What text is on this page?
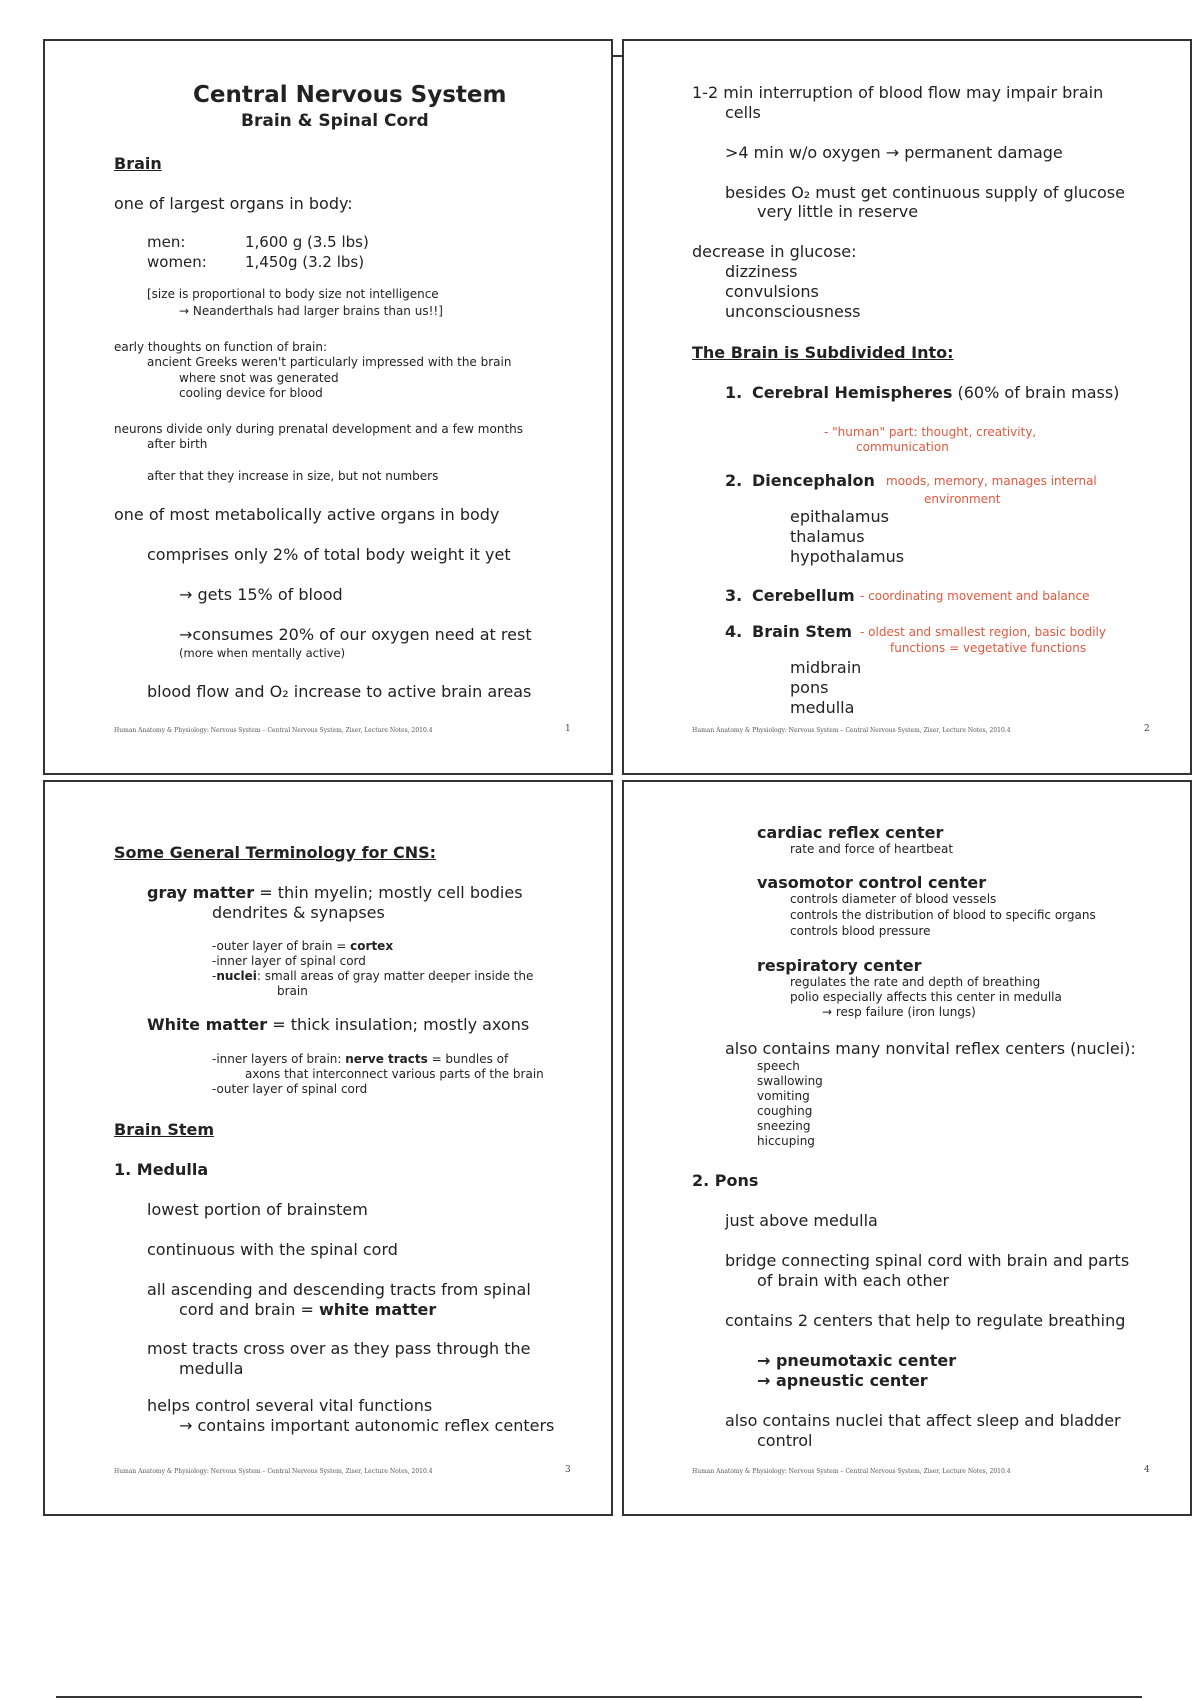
Central Nervous System
Brain & Spinal Cord
Brain
one of largest organs in body:
men:	1,600 g (3.5 lbs)
women:	1,450g (3.2 lbs)
[size is proportional to body size not intelligence
→ Neanderthals had larger brains than us!!]
early thoughts on function of brain:
ancient Greeks weren't particularly impressed with the brain
where snot was generated
cooling device for blood
neurons divide only during prenatal development and a few months
after birth
after that they increase in size, but not numbers
one of most metabolically active organs in body
comprises only 2% of total body weight it yet
→ gets 15% of blood
→consumes 20% of our oxygen need at rest
(more when mentally active)
blood flow and O₂ increase to active brain areas
Human Anatomy & Physiology: Nervous System – Central Nervous System, Ziser, Lecture Notes, 2010.4	1
1-2 min interruption of blood flow may impair brain
cells
>4 min w/o oxygen → permanent damage
besides O₂ must get continuous supply of glucose
very little in reserve
decrease in glucose:
dizziness
convulsions
unconsciousness
The Brain is Subdivided Into:
1. Cerebral Hemispheres (60% of brain mass)
- "human" part: thought, creativity,
communication
2. Diencephalon moods, memory, manages internal
environment
epithalamus
thalamus
hypothalamus
3. Cerebellum - coordinating movement and balance
4. Brain Stem - oldest and smallest region, basic bodily
functions = vegetative functions
midbrain
pons
medulla
Human Anatomy & Physiology: Nervous System – Central Nervous System, Ziser, Lecture Notes, 2010.4	2
Some General Terminology for CNS:
gray matter = thin myelin; mostly cell bodies
dendrites & synapses
-outer layer of brain = cortex
-inner layer of spinal cord
-nuclei: small areas of gray matter deeper inside the
brain
White matter = thick insulation; mostly axons
-inner layers of brain: nerve tracts = bundles of
axons that interconnect various parts of the brain
-outer layer of spinal cord
Brain Stem
1. Medulla
lowest portion of brainstem
continuous with the spinal cord
all ascending and descending tracts from spinal
cord and brain = white matter
most tracts cross over as they pass through the
medulla
helps control several vital functions
→ contains important autonomic reflex centers
Human Anatomy & Physiology: Nervous System – Central Nervous System, Ziser, Lecture Notes, 2010.4	3
cardiac reflex center
rate and force of heartbeat
vasomotor control center
controls diameter of blood vessels
controls the distribution of blood to specific organs
controls blood pressure
respiratory center
regulates the rate and depth of breathing
polio especially affects this center in medulla
→ resp failure (iron lungs)
also contains many nonvital reflex centers (nuclei):
speech
swallowing
vomiting
coughing
sneezing
hiccuping
2. Pons
just above medulla
bridge connecting spinal cord with brain and parts
of brain with each other
contains 2 centers that help to regulate breathing
→ pneumotaxic center
→ apneustic center
also contains nuclei that affect sleep and bladder
control
Human Anatomy & Physiology: Nervous System – Central Nervous System, Ziser, Lecture Notes, 2010.4	4
